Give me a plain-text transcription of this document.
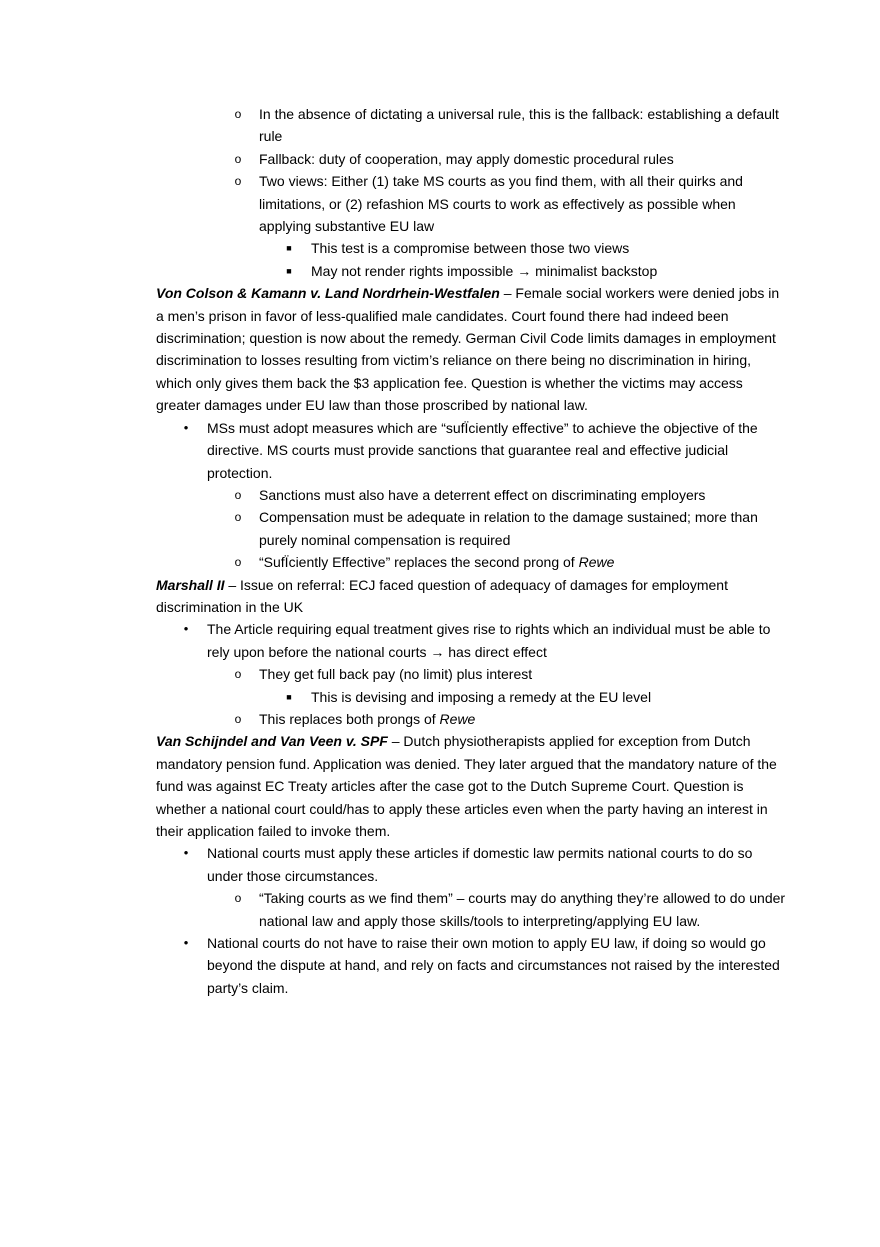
o	In the absence of dictating a universal rule, this is the fallback: establishing a default rule

o	Fallback: duty of cooperation, may apply domestic procedural rules

o	Two views: Either (1) take MS courts as you find them, with all their quirks and limitations, or (2) refashion MS courts to work as effectively as possible when applying substantive EU law

■	This test is a compromise between those two views

■	May not render rights impossible → minimalist backstop

Von Colson & Kamann v. Land Nordrhein-Westfalen – Female social workers were denied jobs in a men’s prison in favor of less-qualified male candidates. Court found there had indeed been discrimination; question is now about the remedy. German Civil Code limits damages in employment discrimination to losses resulting from victim’s reliance on there being no discrimination in hiring, which only gives them back the $3 application fee. Question is whether the victims may access greater damages under EU law than those proscribed by national law.

•	MSs must adopt measures which are “sufÏciently effective” to achieve the objective of the directive. MS courts must provide sanctions that guarantee real and effective judicial protection.

o	Sanctions must also have a deterrent effect on discriminating employers

o	Compensation must be adequate in relation to the damage sustained; more than purely nominal compensation is required

o	“SufÏciently Effective” replaces the second prong of Rewe

Marshall II – Issue on referral: ECJ faced question of adequacy of damages for employment discrimination in the UK

•	The Article requiring equal treatment gives rise to rights which an individual must be able to rely upon before the national courts → has direct effect

o	They get full back pay (no limit) plus interest

■	This is devising and imposing a remedy at the EU level

o	This replaces both prongs of Rewe

Van Schijndel and Van Veen v. SPF – Dutch physiotherapists applied for exception from Dutch mandatory pension fund. Application was denied. They later argued that the mandatory nature of the fund was against EC Treaty articles after the case got to the Dutch Supreme Court. Question is whether a national court could/has to apply these articles even when the party having an interest in their application failed to invoke them.

•	National courts must apply these articles if domestic law permits national courts to do so under those circumstances.

o	“Taking courts as we find them” – courts may do anything they’re allowed to do under national law and apply those skills/tools to interpreting/applying EU law.

•	National courts do not have to raise their own motion to apply EU law, if doing so would go beyond the dispute at hand, and rely on facts and circumstances not raised by the interested party’s claim.
